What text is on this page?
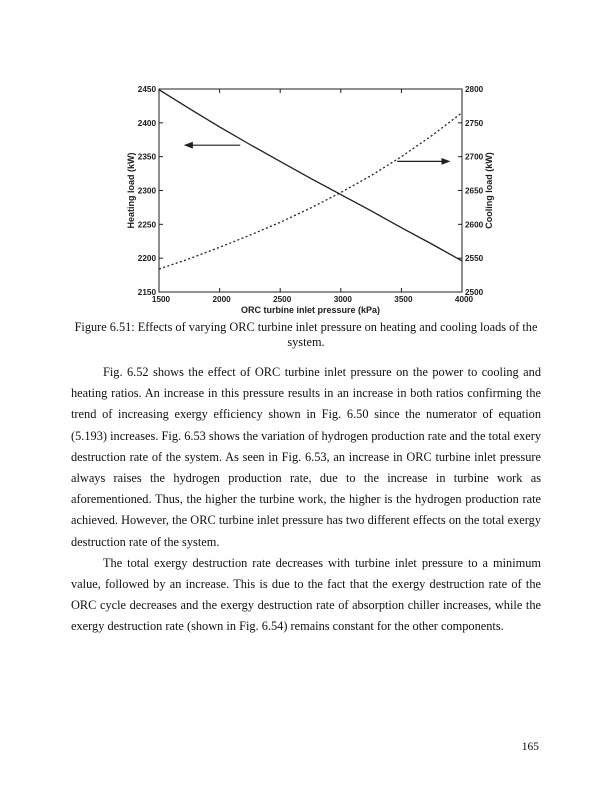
1500	2000	2500	3000	3500	4000
2150
2200
2250
2300
2350
2400
2450
2500
2550
2600
2650
2700
2750
2800
ORC turbine inlet pressure (kPa)
Heating load (kW)	Cooling load (kW)
Figure 6.51: Effects of varying ORC turbine inlet pressure on heating and cooling loads of the system.

Fig. 6.52 shows the effect of ORC turbine inlet pressure on the power to cooling and heating ratios. An increase in this pressure results in an increase in both ratios confirming the trend of increasing exergy efficiency shown in Fig. 6.50 since the numerator of equation (5.193) increases. Fig. 6.53 shows the variation of hydrogen production rate and the total exery destruction rate of the system. As seen in Fig. 6.53, an increase in ORC turbine inlet pressure always raises the hydrogen production rate, due to the increase in turbine work as aforementioned. Thus, the higher the turbine work, the higher is the hydrogen production rate achieved. However, the ORC turbine inlet pressure has two different effects on the total exergy destruction rate of the system.

The total exergy destruction rate decreases with turbine inlet pressure to a minimum value, followed by an increase. This is due to the fact that the exergy destruction rate of the ORC cycle decreases and the exergy destruction rate of absorption chiller increases, while the exergy destruction rate (shown in Fig. 6.54) remains constant for the other components.

165
